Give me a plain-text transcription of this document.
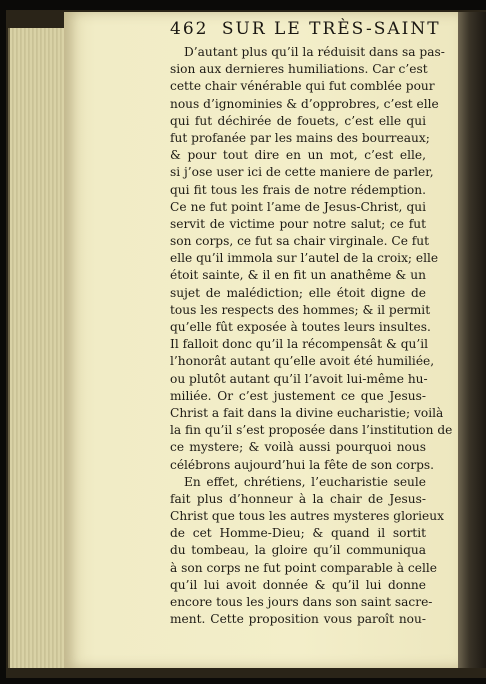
462 SUR LE TRÈS-SAINT
D’autant plus qu’il la réduisit dans sa pas-
sion aux dernieres humiliations. Car c’est
cette chair vénérable qui fut comblée pour
nous d’ignominies & d’opprobres, c’est elle
qui fut déchirée de fouets, c’est elle qui
fut profanée par les mains des bourreaux;
& pour tout dire en un mot, c’est elle,
si j’ose user ici de cette maniere de parler,
qui fit tous les frais de notre rédemption.
Ce ne fut point l’ame de Jesus-Christ, qui
servit de victime pour notre salut; ce fut
son corps, ce fut sa chair virginale. Ce fut
elle qu’il immola sur l’autel de la croix; elle
étoit sainte, & il en fit un anathême & un
sujet de malédiction; elle étoit digne de
tous les respects des hommes; & il permit
qu’elle fût exposée à toutes leurs insultes.
Il falloit donc qu’il la récompensât & qu’il
l’honorât autant qu’elle avoit été humiliée,
ou plutôt autant qu’il l’avoit lui-même hu-
miliée. Or c’est justement ce que Jesus-
Christ a fait dans la divine eucharistie; voilà
la fin qu’il s’est proposée dans l’institution de
ce mystere; & voilà aussi pourquoi nous
célébrons aujourd’hui la fête de son corps.
En effet, chrétiens, l’eucharistie seule
fait plus d’honneur à la chair de Jesus-
Christ que tous les autres mysteres glorieux
de cet Homme-Dieu; & quand il sortit
du tombeau, la gloire qu’il communiqua
à son corps ne fut point comparable à celle
qu’il lui avoit donnée & qu’il lui donne
encore tous les jours dans son saint sacre-
ment. Cette proposition vous paroît nou-
